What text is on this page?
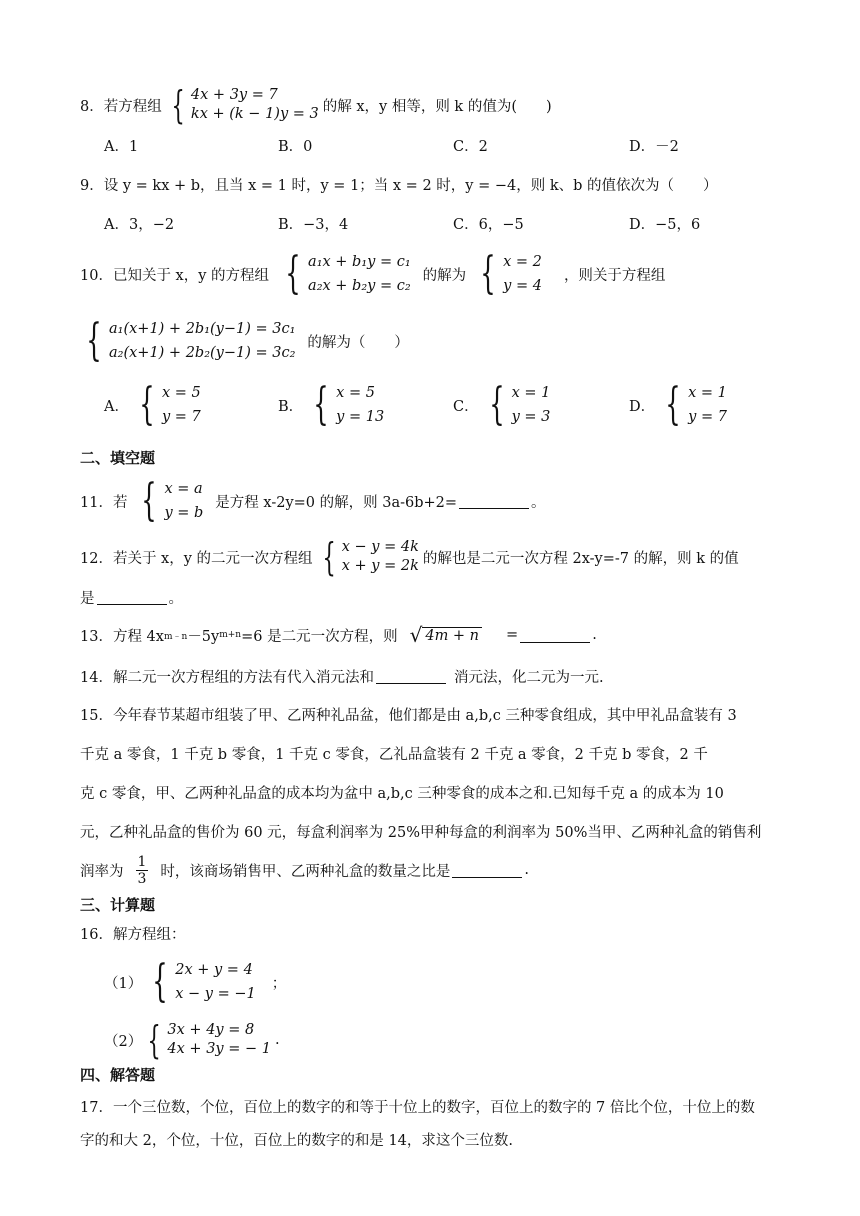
8． 若方程组 { 4x + 3y = 7
kx + (k − 1)y = 3 的解 x，y 相等，则 k 的值为(　　)
A．1	B．0	C．2	D．－2
9． 设 y = kx + b，且当 x = 1 时，y = 1；当 x = 2 时，y = −4，则 k、b 的值依次为（　　）
A．3，−2	B．−3，4	C．6，−5	D．−5，6
10． 已知关于 x，y 的方程组 { a₁x + b₁y = c₁
a₂x + b₂y = c₂
的解为 { x = 2
y = 4
，则关于方程组
{ a₁(x+1) + 2b₁(y−1) = 3c₁
a₂(x+1) + 2b₂(y−1) = 3c₂
的解为（　　）
A． { x = 5
y = 7
B． { x = 5
y = 13
C． { x = 1
y = 3
D． { x = 1
y = 7
二、填空题
11． 若 { x = a
y = b
是方程 x-2y=0 的解，则 3a-6b+2=	。
12． 若关于 x，y 的二元一次方程组 { x − y = 4k
x + y = 2k 的解也是二元一次方程 2x-y=-7 的解，则 k 的值
是	。
13． 方程 4x m﹣n －5y m+n =6 是二元一次方程，则 √ 4m + n =	.
14． 解二元一次方程组的方法有代入消元法和	消元法，化二元为一元.
15． 今年春节某超市组装了甲、乙两种礼品盆，他们都是由 a,b,c 三种零食组成，其中甲礼品盒装有 3
千克 a 零食，1 千克 b 零食，1 千克 c 零食，乙礼品盒装有 2 千克 a 零食，2 千克 b 零食，2 千
克 c 零食，甲、乙两种礼品盒的成本均为盆中 a,b,c 三种零食的成本之和.已知每千克 a 的成本为 10
元，乙种礼品盒的售价为 60 元，每盒利润率为 25%甲种每盒的利润率为 50%当甲、乙两种礼盒的销售利
润率为 $\frac{1}{3}$ 时，该商场销售甲、乙两种礼盒的数量之比是	.
三、计算题
16． 解方程组：
（1） { 2x + y = 4
x − y = −1
；
（2） { 3x + 4y = 8
4x + 3y = − 1
.
四、解答题
17． 一个三位数，个位，百位上的数字的和等于十位上的数字，百位上的数字的 7 倍比个位，十位上的数
字的和大 2，个位，十位，百位上的数字的和是 14，求这个三位数.
